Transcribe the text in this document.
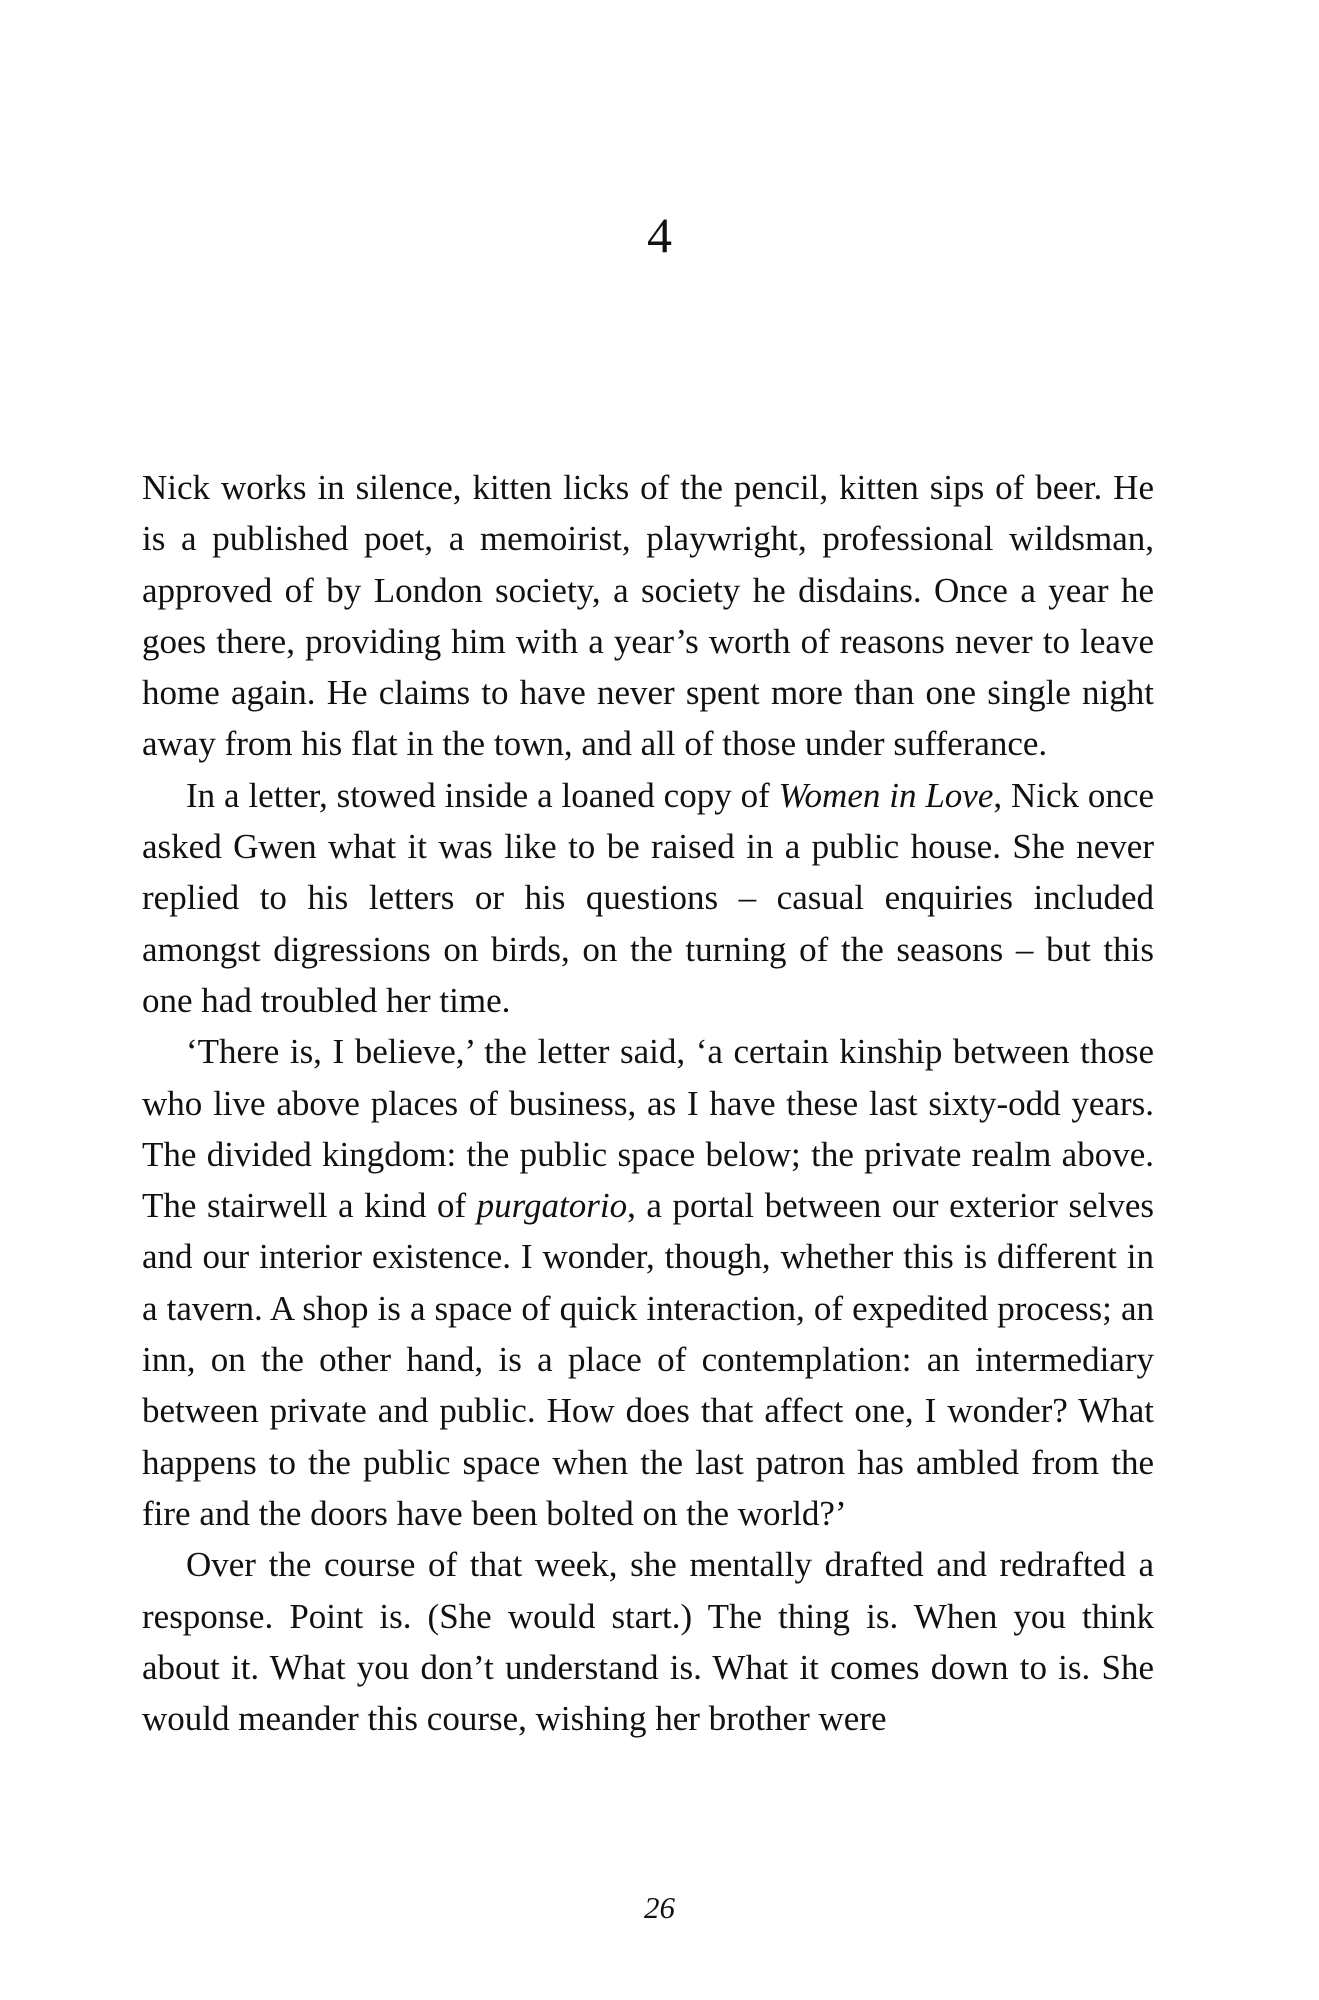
4

Nick works in silence, kitten licks of the pencil, kitten sips of beer. He is a published poet, a memoirist, playwright, professional wildsman, approved of by London society, a society he disdains. Once a year he goes there, providing him with a year’s worth of reasons never to leave home again. He claims to have never spent more than one single night away from his flat in the town, and all of those under sufferance.

In a letter, stowed inside a loaned copy of Women in Love, Nick once asked Gwen what it was like to be raised in a public house. She never replied to his letters or his questions – casual enquiries included amongst digressions on birds, on the turning of the seasons – but this one had troubled her time.

‘There is, I believe,’ the letter said, ‘a certain kinship between those who live above places of business, as I have these last sixty-odd years. The divided kingdom: the public space below; the private realm above. The stairwell a kind of purgatorio, a portal between our exterior selves and our interior existence. I wonder, though, whether this is different in a tavern. A shop is a space of quick interaction, of expedited process; an inn, on the other hand, is a place of contemplation: an intermediary between private and public. How does that affect one, I wonder? What happens to the public space when the last patron has ambled from the fire and the doors have been bolted on the world?’

Over the course of that week, she mentally drafted and redrafted a response. Point is. (She would start.) The thing is. When you think about it. What you don’t understand is. What it comes down to is. She would meander this course, wishing her brother were

26
